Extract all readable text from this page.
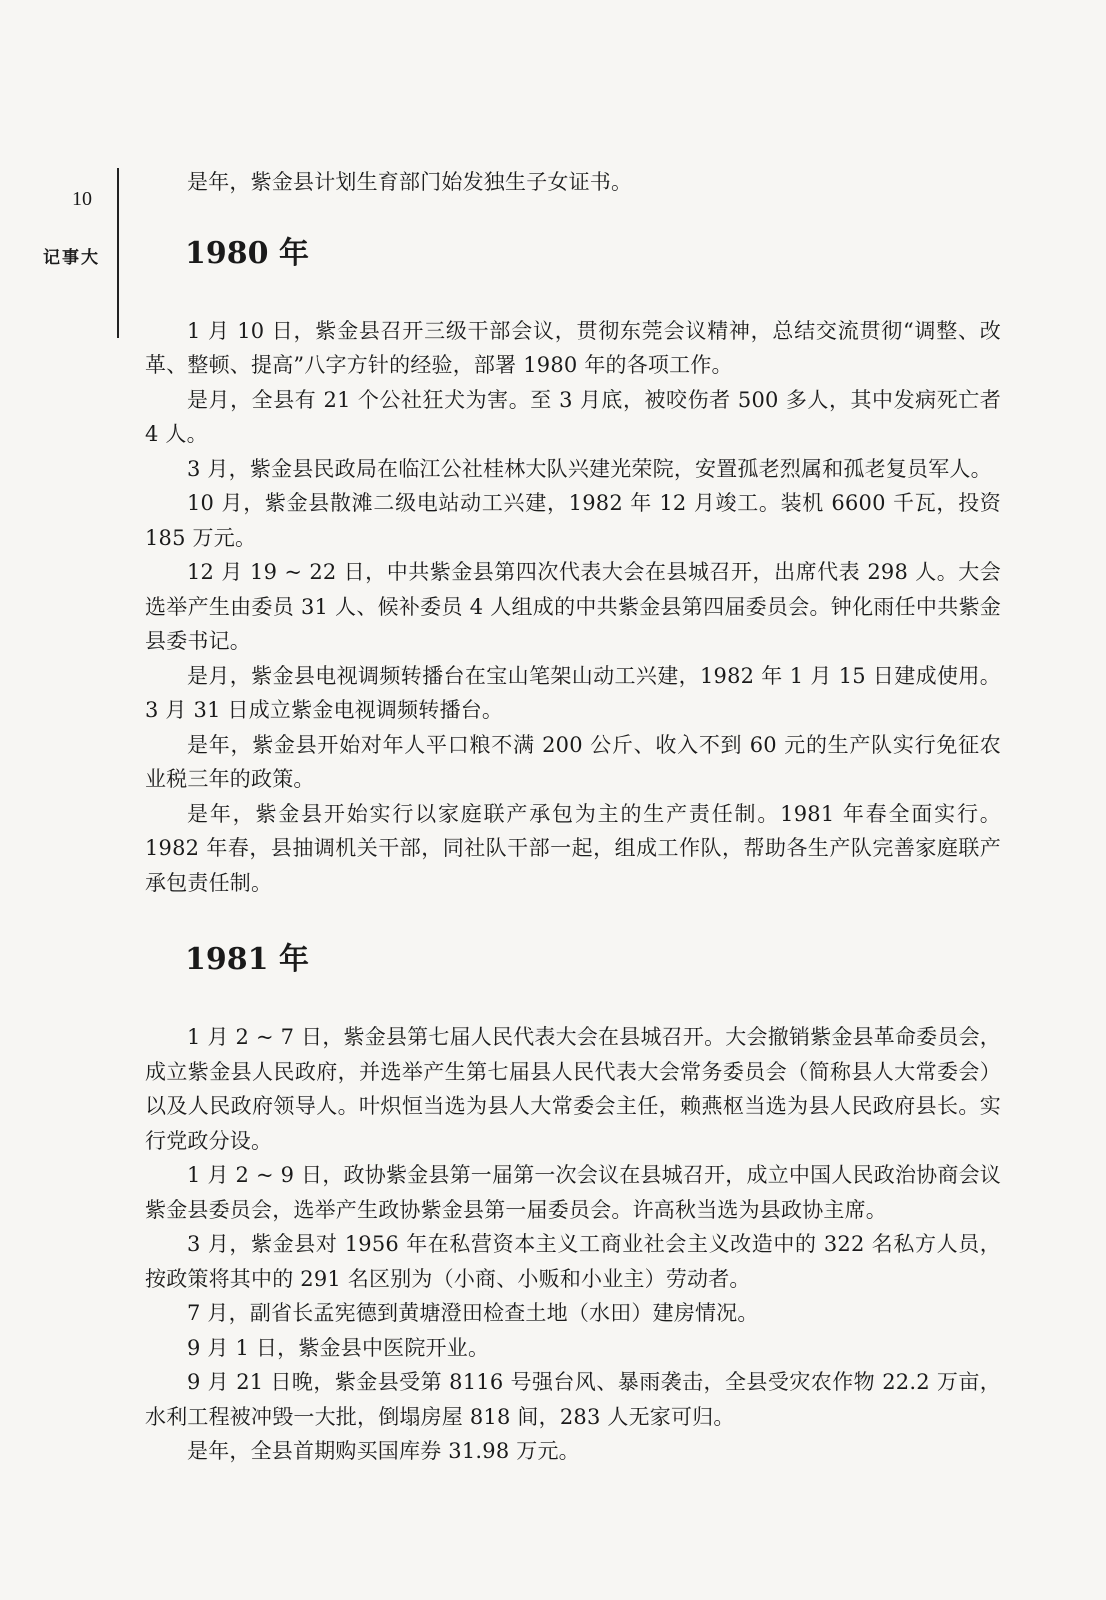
10
大事记

是年，紫金县计划生育部门始发独生子女证书。

1980 年

1 月 10 日，紫金县召开三级干部会议，贯彻东莞会议精神，总结交流贯彻“调整、改革、整顿、提高”八字方针的经验，部署 1980 年的各项工作。

是月，全县有 21 个公社狂犬为害。至 3 月底，被咬伤者 500 多人，其中发病死亡者 4 人。

3 月，紫金县民政局在临江公社桂林大队兴建光荣院，安置孤老烈属和孤老复员军人。

10 月，紫金县散滩二级电站动工兴建，1982 年 12 月竣工。装机 6600 千瓦，投资 185 万元。

12 月 19 ~ 22 日，中共紫金县第四次代表大会在县城召开，出席代表 298 人。大会选举产生由委员 31 人、候补委员 4 人组成的中共紫金县第四届委员会。钟化雨任中共紫金县委书记。

是月，紫金县电视调频转播台在宝山笔架山动工兴建，1982 年 1 月 15 日建成使用。3 月 31 日成立紫金电视调频转播台。

是年，紫金县开始对年人平口粮不满 200 公斤、收入不到 60 元的生产队实行免征农业税三年的政策。

是年，紫金县开始实行以家庭联产承包为主的生产责任制。1981 年春全面实行。1982 年春，县抽调机关干部，同社队干部一起，组成工作队，帮助各生产队完善家庭联产承包责任制。

1981 年

1 月 2 ~ 7 日，紫金县第七届人民代表大会在县城召开。大会撤销紫金县革命委员会，成立紫金县人民政府，并选举产生第七届县人民代表大会常务委员会（简称县人大常委会）以及人民政府领导人。叶炽恒当选为县人大常委会主任，赖燕枢当选为县人民政府县长。实行党政分设。

1 月 2 ~ 9 日，政协紫金县第一届第一次会议在县城召开，成立中国人民政治协商会议紫金县委员会，选举产生政协紫金县第一届委员会。许高秋当选为县政协主席。

3 月，紫金县对 1956 年在私营资本主义工商业社会主义改造中的 322 名私方人员，按政策将其中的 291 名区别为（小商、小贩和小业主）劳动者。

7 月，副省长孟宪德到黄塘澄田检查土地（水田）建房情况。

9 月 1 日，紫金县中医院开业。

9 月 21 日晚，紫金县受第 8116 号强台风、暴雨袭击，全县受灾农作物 22.2 万亩，水利工程被冲毁一大批，倒塌房屋 818 间，283 人无家可归。

是年，全县首期购买国库券 31.98 万元。
